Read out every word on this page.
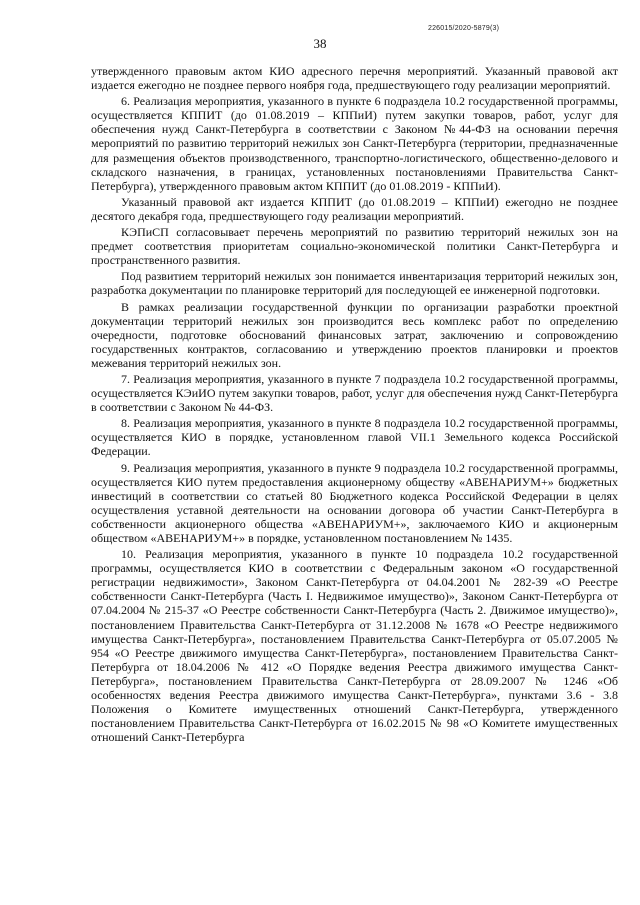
226015/2020-5879(3)
38

утвержденного правовым актом КИО адресного перечня мероприятий. Указанный правовой акт издается ежегодно не позднее первого ноября года, предшествующего году реализации мероприятий.

6. Реализация мероприятия, указанного в пункте 6 подраздела 10.2 государственной программы, осуществляется КППИТ (до 01.08.2019 – КППиИ) путем закупки товаров, работ, услуг для обеспечения нужд Санкт-Петербурга в соответствии с Законом №44-ФЗ на основании перечня мероприятий по развитию территорий нежилых зон Санкт-Петербурга (территории, предназначенные для размещения объектов производственного, транспортно-логистического, общественно-делового и складского назначения, в границах, установленных постановлениями Правительства Санкт-Петербурга), утвержденного правовым актом КППИТ (до 01.08.2019 - КППиИ).

Указанный правовой акт издается КППИТ (до 01.08.2019 – КППиИ) ежегодно не позднее десятого декабря года, предшествующего году реализации мероприятий.

КЭПиСП согласовывает перечень мероприятий по развитию территорий нежилых зон на предмет соответствия приоритетам социально-экономической политики Санкт-Петербурга и пространственного развития.

Под развитием территорий нежилых зон понимается инвентаризация территорий нежилых зон, разработка документации по планировке территорий для последующей ее инженерной подготовки.

В рамках реализации государственной функции по организации разработки проектной документации территорий нежилых зон производится весь комплекс работ по определению очередности, подготовке обоснований финансовых затрат, заключению и сопровождению государственных контрактов, согласованию и утверждению проектов планировки и проектов межевания территорий нежилых зон.

7. Реализация мероприятия, указанного в пункте 7 подраздела 10.2 государственной программы, осуществляется КЭиИО путем закупки товаров, работ, услуг для обеспечения нужд Санкт-Петербурга в соответствии с Законом № 44-ФЗ.

8. Реализация мероприятия, указанного в пункте 8 подраздела 10.2 государственной программы, осуществляется КИО в порядке, установленном главой VII.1 Земельного кодекса Российской Федерации.

9. Реализация мероприятия, указанного в пункте 9 подраздела 10.2 государственной программы, осуществляется КИО путем предоставления акционерному обществу «АВЕНАРИУМ+» бюджетных инвестиций в соответствии со статьей 80 Бюджетного кодекса Российской Федерации в целях осуществления уставной деятельности на основании договора об участии Санкт-Петербурга в собственности акционерного общества «АВЕНАРИУМ+», заключаемого КИО и акционерным обществом «АВЕНАРИУМ+» в порядке, установленном постановлением № 1435.

10. Реализация мероприятия, указанного в пункте 10 подраздела 10.2 государственной программы, осуществляется КИО в соответствии с Федеральным законом «О государственной регистрации недвижимости», Законом Санкт-Петербурга от 04.04.2001 № 282-39 «О Реестре собственности Санкт-Петербурга (Часть I. Недвижимое имущество)», Законом Санкт-Петербурга от 07.04.2004 № 215-37 «О Реестре собственности Санкт-Петербурга (Часть 2. Движимое имущество)», постановлением Правительства Санкт-Петербурга от 31.12.2008 № 1678 «О Реестре недвижимого имущества Санкт-Петербурга», постановлением Правительства Санкт-Петербурга от 05.07.2005 № 954 «О Реестре движимого имущества Санкт-Петербурга», постановлением Правительства Санкт-Петербурга от 18.04.2006 № 412 «О Порядке ведения Реестра движимого имущества Санкт-Петербурга», постановлением Правительства Санкт-Петербурга от 28.09.2007 № 1246 «Об особенностях ведения Реестра движимого имущества Санкт-Петербурга», пунктами 3.6 - 3.8 Положения о Комитете имущественных отношений Санкт-Петербурга, утвержденного постановлением Правительства Санкт-Петербурга от 16.02.2015 № 98 «О Комитете имущественных отношений Санкт-Петербурга
